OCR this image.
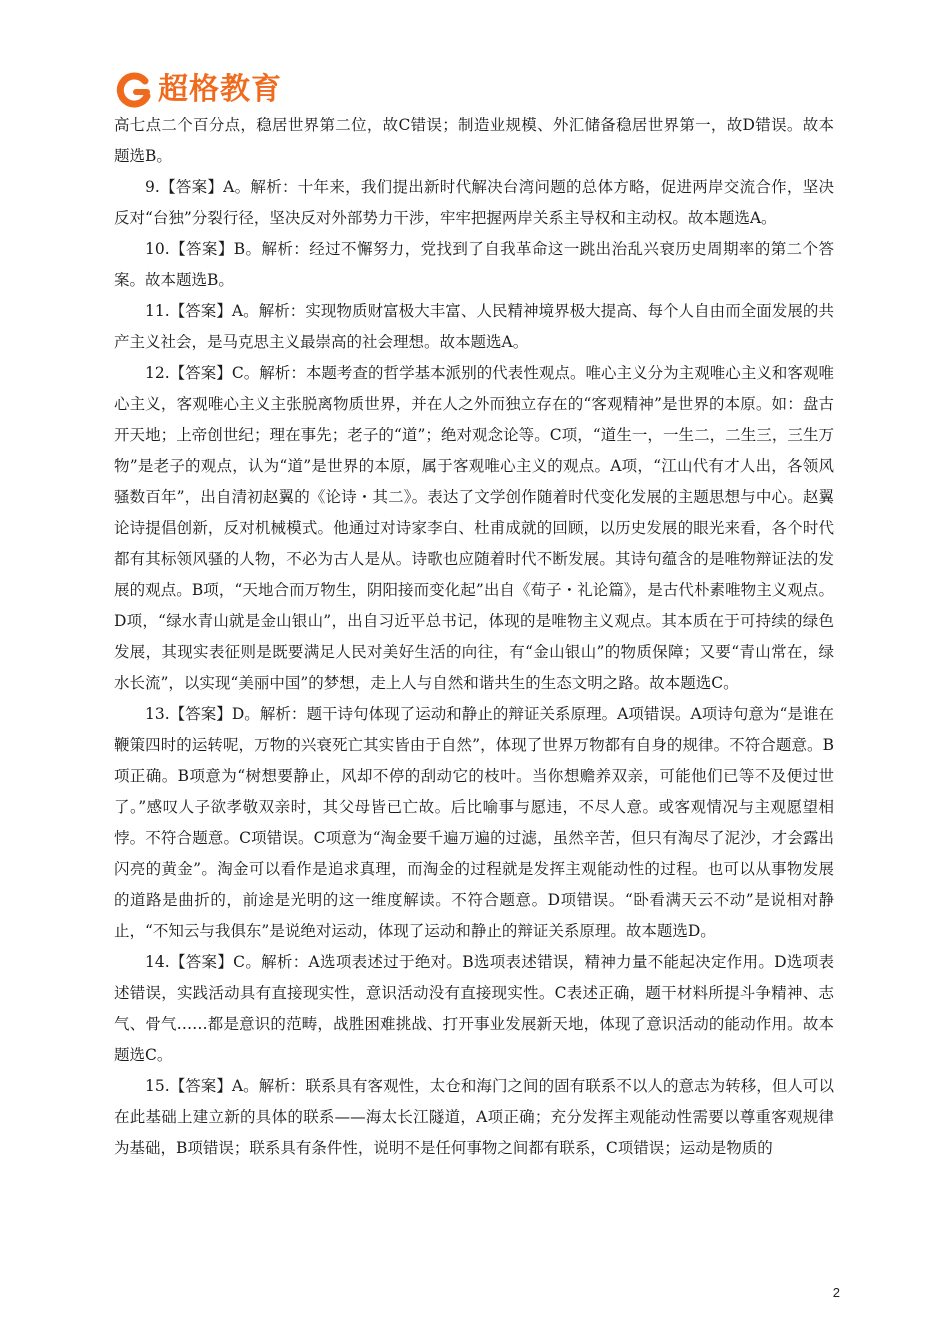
超格教育

高七点二个百分点，稳居世界第二位，故C错误；制造业规模、外汇储备稳居世界第一，故D错误。故本题选B。

9.【答案】A。解析：十年来，我们提出新时代解决台湾问题的总体方略，促进两岸交流合作，坚决反对“台独”分裂行径，坚决反对外部势力干涉，牢牢把握两岸关系主导权和主动权。故本题选A。

10.【答案】B。解析：经过不懈努力，党找到了自我革命这一跳出治乱兴衰历史周期率的第二个答案。故本题选B。

11.【答案】A。解析：实现物质财富极大丰富、人民精神境界极大提高、每个人自由而全面发展的共产主义社会，是马克思主义最崇高的社会理想。故本题选A。

12.【答案】C。解析：本题考查的哲学基本派别的代表性观点。唯心主义分为主观唯心主义和客观唯心主义，客观唯心主义主张脱离物质世界，并在人之外而独立存在的“客观精神”是世界的本原。如：盘古开天地；上帝创世纪；理在事先；老子的“道”；绝对观念论等。C项，“道生一，一生二，二生三，三生万物”是老子的观点，认为“道”是世界的本原，属于客观唯心主义的观点。A项，“江山代有才人出，各领风骚数百年”，出自清初赵翼的《论诗・其二》。表达了文学创作随着时代变化发展的主题思想与中心。赵翼论诗提倡创新，反对机械模式。他通过对诗家李白、杜甫成就的回顾，以历史发展的眼光来看，各个时代都有其标领风骚的人物，不必为古人是从。诗歌也应随着时代不断发展。其诗句蕴含的是唯物辩证法的发展的观点。B项，“天地合而万物生，阴阳接而变化起”出自《荀子・礼论篇》，是古代朴素唯物主义观点。D项，“绿水青山就是金山银山”，出自习近平总书记，体现的是唯物主义观点。其本质在于可持续的绿色发展，其现实表征则是既要满足人民对美好生活的向往，有“金山银山”的物质保障；又要“青山常在，绿水长流”，以实现“美丽中国”的梦想，走上人与自然和谐共生的生态文明之路。故本题选C。

13.【答案】D。解析：题干诗句体现了运动和静止的辩证关系原理。A项错误。A项诗句意为“是谁在鞭策四时的运转呢，万物的兴衰死亡其实皆由于自然”，体现了世界万物都有自身的规律。不符合题意。B项正确。B项意为“树想要静止，风却不停的刮动它的枝叶。当你想赡养双亲，可能他们已等不及便过世了。”感叹人子欲孝敬双亲时，其父母皆已亡故。后比喻事与愿违，不尽人意。或客观情况与主观愿望相悖。不符合题意。C项错误。C项意为“淘金要千遍万遍的过滤，虽然辛苦，但只有淘尽了泥沙，才会露出闪亮的黄金”。淘金可以看作是追求真理，而淘金的过程就是发挥主观能动性的过程。也可以从事物发展的道路是曲折的，前途是光明的这一维度解读。不符合题意。D项错误。“卧看满天云不动”是说相对静止，“不知云与我俱东”是说绝对运动，体现了运动和静止的辩证关系原理。故本题选D。

14.【答案】C。解析：A选项表述过于绝对。B选项表述错误，精神力量不能起决定作用。D选项表述错误，实践活动具有直接现实性，意识活动没有直接现实性。C表述正确，题干材料所提斗争精神、志气、骨气……都是意识的范畴，战胜困难挑战、打开事业发展新天地，体现了意识活动的能动作用。故本题选C。

15.【答案】A。解析：联系具有客观性，太仓和海门之间的固有联系不以人的意志为转移，但人可以在此基础上建立新的具体的联系——海太长江隧道，A项正确；充分发挥主观能动性需要以尊重客观规律为基础，B项错误；联系具有条件性，说明不是任何事物之间都有联系，C项错误；运动是物质的

2
